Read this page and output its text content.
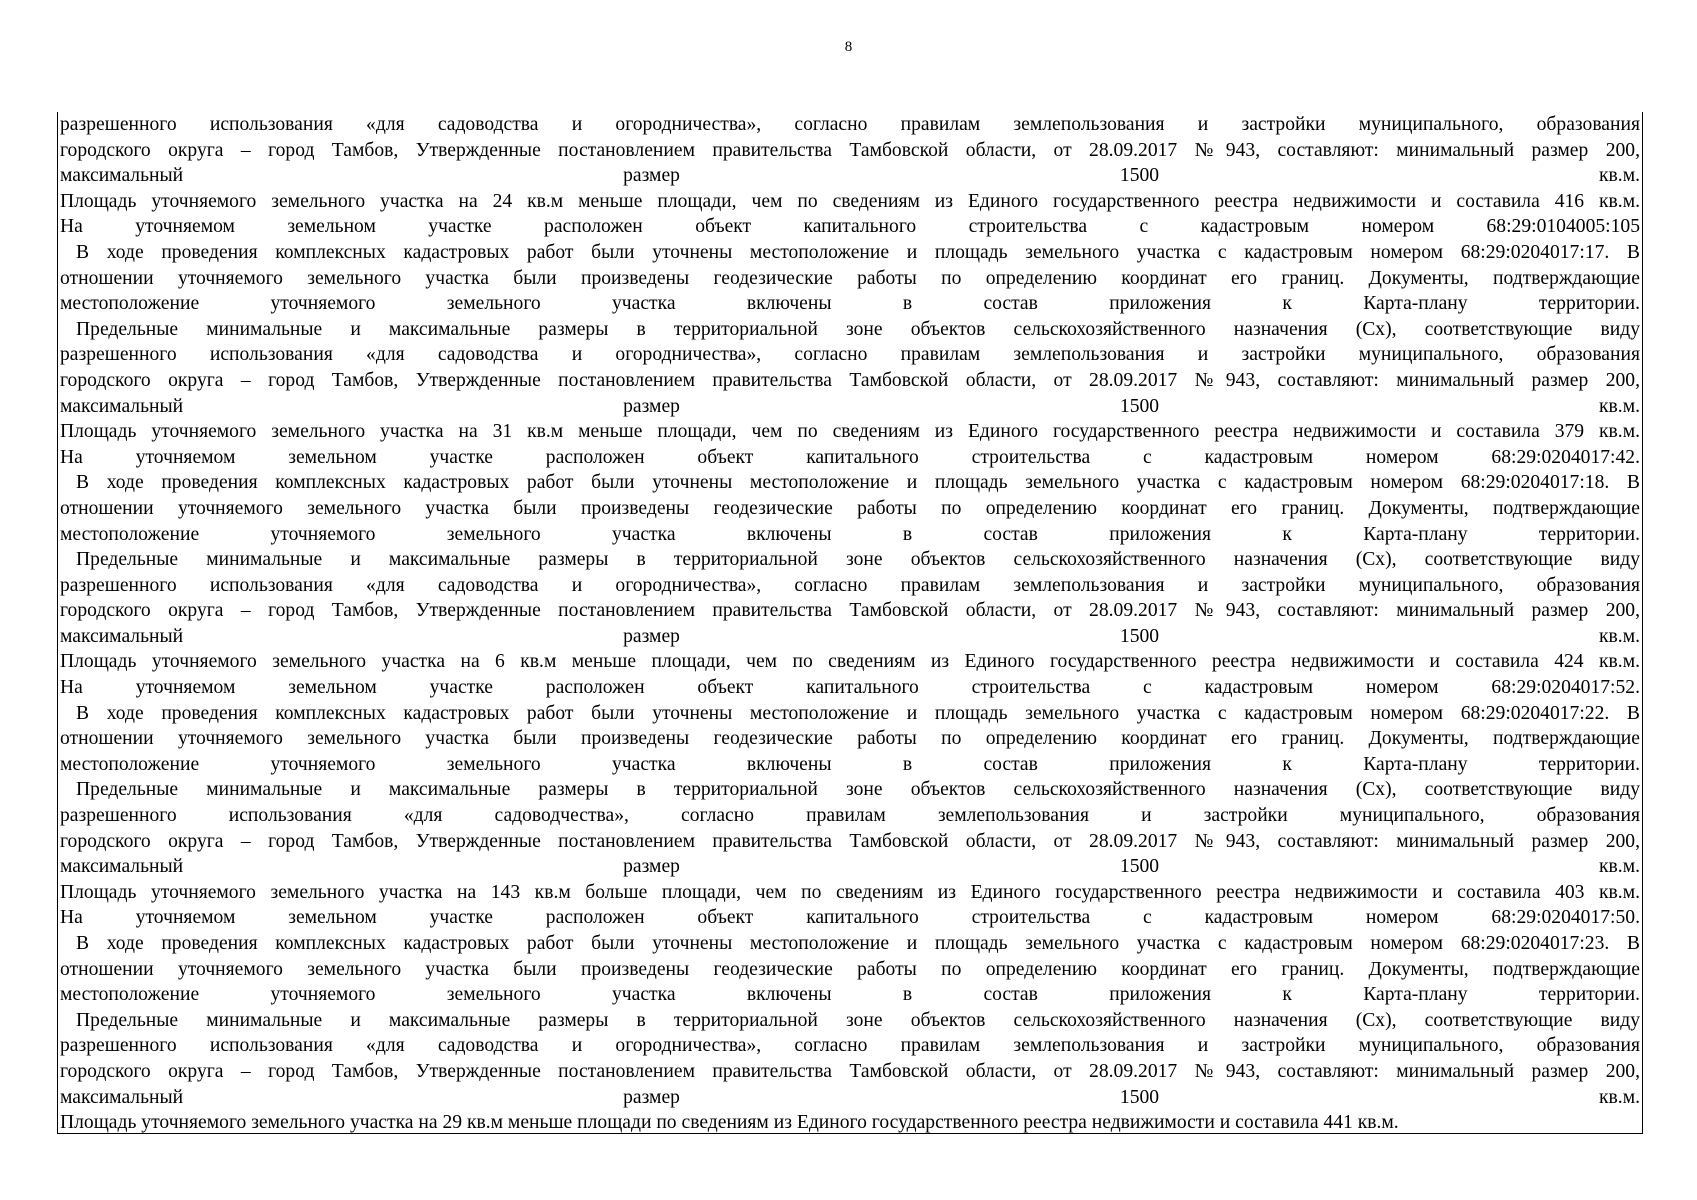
8
разрешенного использования «для садоводства и огородничества», согласно правилам землепользования и застройки муниципального, образования
городского округа – город Тамбов, Утвержденные постановлением правительства Тамбовской области, от 28.09.2017 №943, составляют: минимальный размер 200,
максимальный размер 1500 кв.м.
Площадь уточняемого земельного участка на 24 кв.м меньше площади, чем по сведениям из Единого государственного реестра недвижимости и составила 416 кв.м.
На уточняемом земельном участке расположен объект капитального строительства с кадастровым номером 68:29:0104005:105
В ходе проведения комплексных кадастровых работ были уточнены местоположение и площадь земельного участка с кадастровым номером 68:29:0204017:17. В
отношении уточняемого земельного участка были произведены геодезические работы по определению координат его границ. Документы, подтверждающие
местоположение уточняемого земельного участка включены в состав приложения к Карта-плану территории.
Предельные минимальные и максимальные размеры в территориальной зоне объектов сельскохозяйственного назначения (Сх), соответствующие виду
разрешенного использования «для садоводства и огородничества», согласно правилам землепользования и застройки муниципального, образования
городского округа – город Тамбов, Утвержденные постановлением правительства Тамбовской области, от 28.09.2017 №943, составляют: минимальный размер 200,
максимальный размер 1500 кв.м.
Площадь уточняемого земельного участка на 31 кв.м меньше площади, чем по сведениям из Единого государственного реестра недвижимости и составила 379 кв.м.
На уточняемом земельном участке расположен объект капитального строительства с кадастровым номером 68:29:0204017:42.
В ходе проведения комплексных кадастровых работ были уточнены местоположение и площадь земельного участка с кадастровым номером 68:29:0204017:18. В
отношении уточняемого земельного участка были произведены геодезические работы по определению координат его границ. Документы, подтверждающие
местоположение уточняемого земельного участка включены в состав приложения к Карта-плану территории.
Предельные минимальные и максимальные размеры в территориальной зоне объектов сельскохозяйственного назначения (Сх), соответствующие виду
разрешенного использования «для садоводства и огородничества», согласно правилам землепользования и застройки муниципального, образования
городского округа – город Тамбов, Утвержденные постановлением правительства Тамбовской области, от 28.09.2017 №943, составляют: минимальный размер 200,
максимальный размер 1500 кв.м.
Площадь уточняемого земельного участка на 6 кв.м меньше площади, чем по сведениям из Единого государственного реестра недвижимости и составила 424 кв.м.
На уточняемом земельном участке расположен объект капитального строительства с кадастровым номером 68:29:0204017:52.
В ходе проведения комплексных кадастровых работ были уточнены местоположение и площадь земельного участка с кадастровым номером 68:29:0204017:22. В
отношении уточняемого земельного участка были произведены геодезические работы по определению координат его границ. Документы, подтверждающие
местоположение уточняемого земельного участка включены в состав приложения к Карта-плану территории.
Предельные минимальные и максимальные размеры в территориальной зоне объектов сельскохозяйственного назначения (Сх), соответствующие виду
разрешенного использования «для садоводчества», согласно правилам землепользования и застройки муниципального, образования
городского округа – город Тамбов, Утвержденные постановлением правительства Тамбовской области, от 28.09.2017 №943, составляют: минимальный размер 200,
максимальный размер 1500 кв.м.
Площадь уточняемого земельного участка на 143 кв.м больше площади, чем по сведениям из Единого государственного реестра недвижимости и составила 403 кв.м.
На уточняемом земельном участке расположен объект капитального строительства с кадастровым номером 68:29:0204017:50.
В ходе проведения комплексных кадастровых работ были уточнены местоположение и площадь земельного участка с кадастровым номером 68:29:0204017:23. В
отношении уточняемого земельного участка были произведены геодезические работы по определению координат его границ. Документы, подтверждающие
местоположение уточняемого земельного участка включены в состав приложения к Карта-плану территории.
Предельные минимальные и максимальные размеры в территориальной зоне объектов сельскохозяйственного назначения (Сх), соответствующие виду
разрешенного использования «для садоводства и огородничества», согласно правилам землепользования и застройки муниципального, образования
городского округа – город Тамбов, Утвержденные постановлением правительства Тамбовской области, от 28.09.2017 №943, составляют: минимальный размер 200,
максимальный размер 1500 кв.м.
Площадь уточняемого земельного участка на 29 кв.м меньше площади по сведениям из Единого государственного реестра недвижимости и составила 441 кв.м.
